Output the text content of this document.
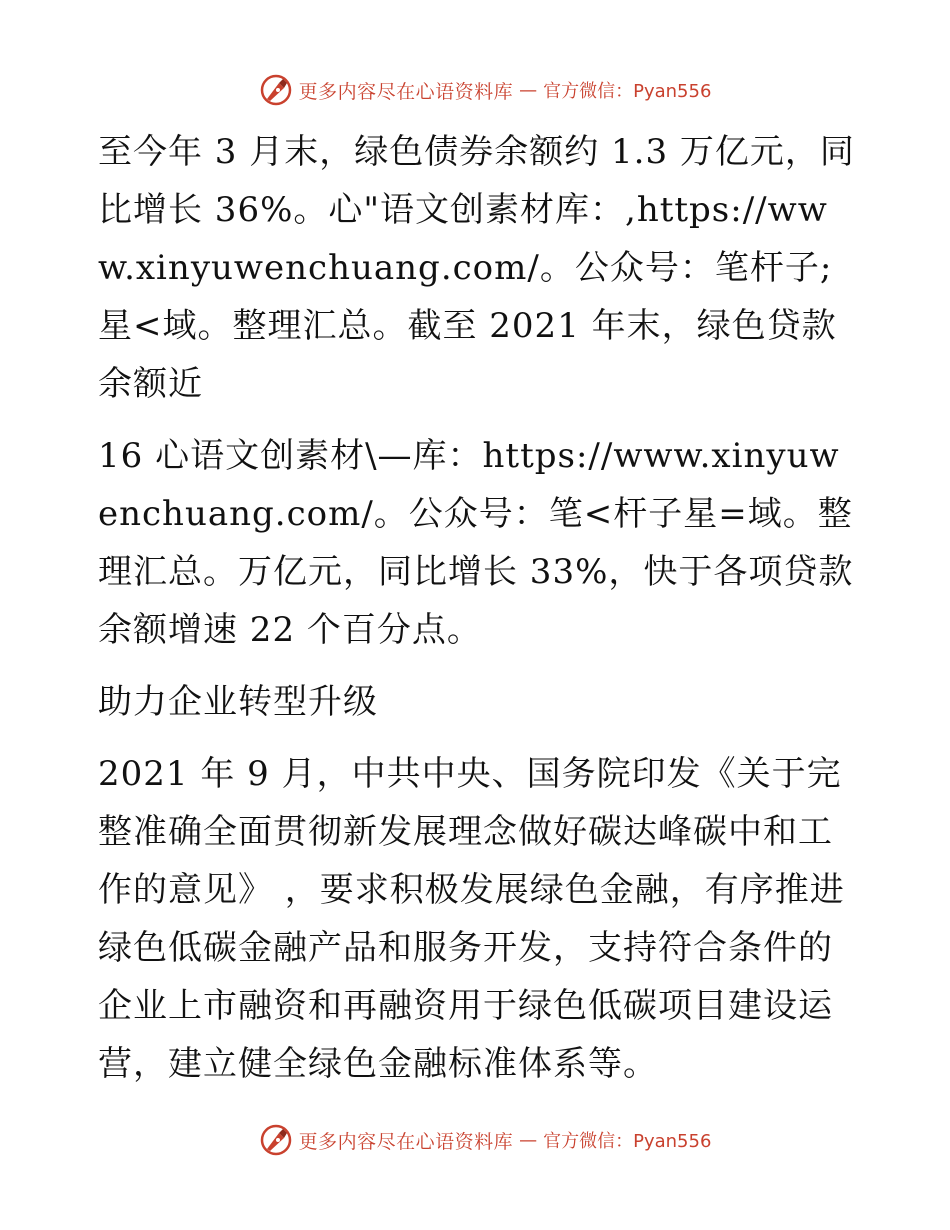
更多内容尽在心语资料库 — 官方微信：Pyan556

至今年 3 月末，绿色债券余额约 1.3 万亿元，同比增长 36%。心"语文创素材库：,https://www.xinyuwenchuang.com/。公众号：笔杆子;星<域。整理汇总。截至 2021 年末，绿色贷款余额近

16 心语文创素材\—库：https://www.xinyuwenchuang.com/。公众号：笔<杆子星=域。整理汇总。万亿元，同比增长 33%，快于各项贷款余额增速 22 个百分点。

助力企业转型升级

2021 年 9 月，中共中央、国务院印发《关于完整准确全面贯彻新发展理念做好碳达峰碳中和工作的意见》 ，要求积极发展绿色金融，有序推进绿色低碳金融产品和服务开发，支持符合条件的企业上市融资和再融资用于绿色低碳项目建设运营，建立健全绿色金融标准体系等。

更多内容尽在心语资料库 — 官方微信：Pyan556
